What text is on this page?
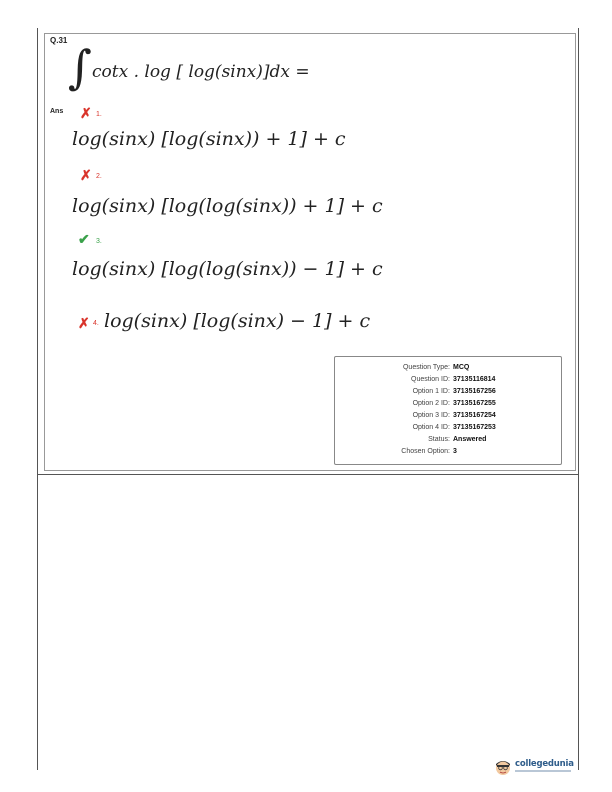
Q.31 ∫ cotx . log [ log(sinx)]dx =
Ans ✗ 1.
log(sinx) [log(sinx)) + 1] + c
✗ 2.
log(sinx) [log(log(sinx)) + 1] + c
✔ 3.
log(sinx) [log(log(sinx)) − 1] + c
✗ 4. log(sinx) [log(sinx) − 1] + c
Question Type : MCQ
Question ID : 37135116814
Option 1 ID : 37135167256
Option 2 ID : 37135167255
Option 3 ID : 37135167254
Option 4 ID : 37135167253
Status : Answered
Chosen Option : 3
collegedunia
